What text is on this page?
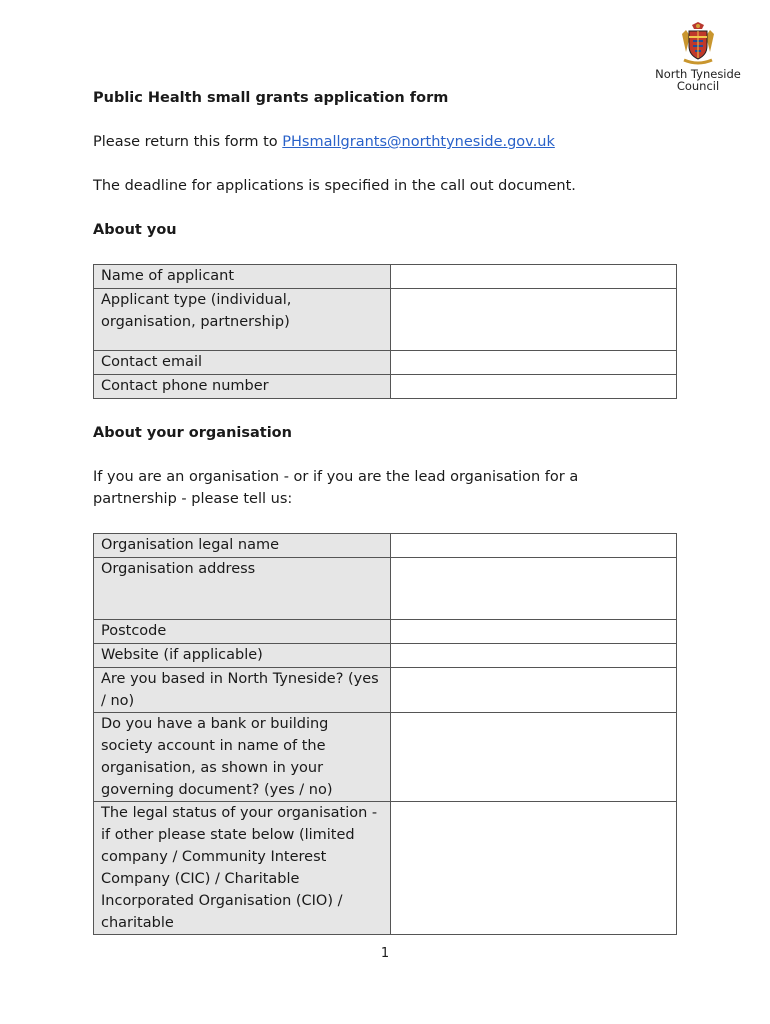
North Tyneside
Council
Public Health small grants application form
Please return this form to PHsmallgrants@northtyneside.gov.uk
The deadline for applications is specified in the call out document.
About you
Name of applicant	
Applicant type (individual, organisation, partnership)	
Contact email	
Contact phone number	
About your organisation
If you are an organisation - or if you are the lead organisation for a
partnership - please tell us:
Organisation legal name	
Organisation address	
Postcode	
Website (if applicable)	
Are you based in North Tyneside? (yes / no)	
Do you have a bank or building society account in name of the organisation, as shown in your governing document? (yes / no)	
The legal status of your organisation - if other please state below (limited company / Community Interest Company (CIC) / Charitable Incorporated Organisation (CIO) / charitable	
1
